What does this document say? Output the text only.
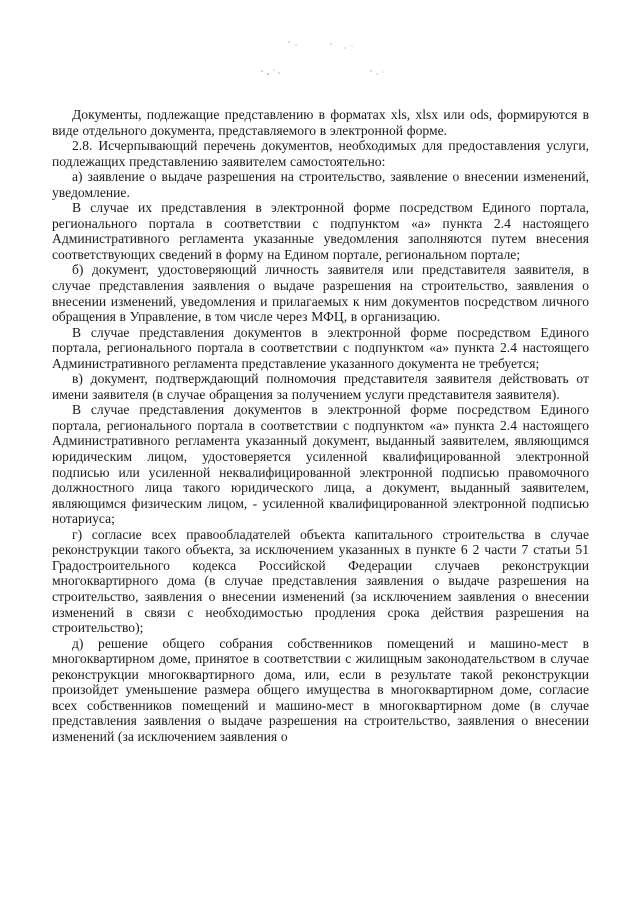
Документы, подлежащие представлению в форматах xls, xlsx или ods, формируются в виде отдельного документа, представляемого в электронной форме.

2.8. Исчерпывающий перечень документов, необходимых для предоставления услуги, подлежащих представлению заявителем самостоятельно:

а) заявление о выдаче разрешения на строительство, заявление о внесении изменений, уведомление.

В случае их представления в электронной форме посредством Единого портала, регионального портала в соответствии с подпунктом «а» пункта 2.4 настоящего Административного регламента указанные уведомления заполняются путем внесения соответствующих сведений в форму на Едином портале, региональном портале;

б) документ, удостоверяющий личность заявителя или представителя заявителя, в случае представления заявления о выдаче разрешения на строительство, заявления о внесении изменений, уведомления и прилагаемых к ним документов посредством личного обращения в Управление, в том числе через МФЦ, в организацию.

В случае представления документов в электронной форме посредством Единого портала, регионального портала в соответствии с подпунктом «а» пункта 2.4 настоящего Административного регламента представление указанного документа не требуется;

в) документ, подтверждающий полномочия представителя заявителя действовать от имени заявителя (в случае обращения за получением услуги представителя заявителя).

В случае представления документов в электронной форме посредством Единого портала, регионального портала в соответствии с подпунктом «а» пункта 2.4 настоящего Административного регламента указанный документ, выданный заявителем, являющимся юридическим лицом, удостоверяется усиленной квалифицированной электронной подписью или усиленной неквалифицированной электронной подписью правомочного должностного лица такого юридического лица, а документ, выданный заявителем, являющимся физическим лицом, - усиленной квалифицированной электронной подписью нотариуса;

г) согласие всех правообладателей объекта капитального строительства в случае реконструкции такого объекта, за исключением указанных в пункте 6 2 части 7 статьи 51 Градостроительного кодекса Российской Федерации случаев реконструкции многоквартирного дома (в случае представления заявления о выдаче разрешения на строительство, заявления о внесении изменений (за исключением заявления о внесении изменений в связи с необходимостью продления срока действия разрешения на строительство);

д) решение общего собрания собственников помещений и машино-мест в многоквартирном доме, принятое в соответствии с жилищным законодательством в случае реконструкции многоквартирного дома, или, если в результате такой реконструкции произойдет уменьшение размера общего имущества в многоквартирном доме, согласие всех собственников помещений и машино-мест в многоквартирном доме (в случае представления заявления о выдаче разрешения на строительство, заявления о внесении изменений (за исключением заявления о
